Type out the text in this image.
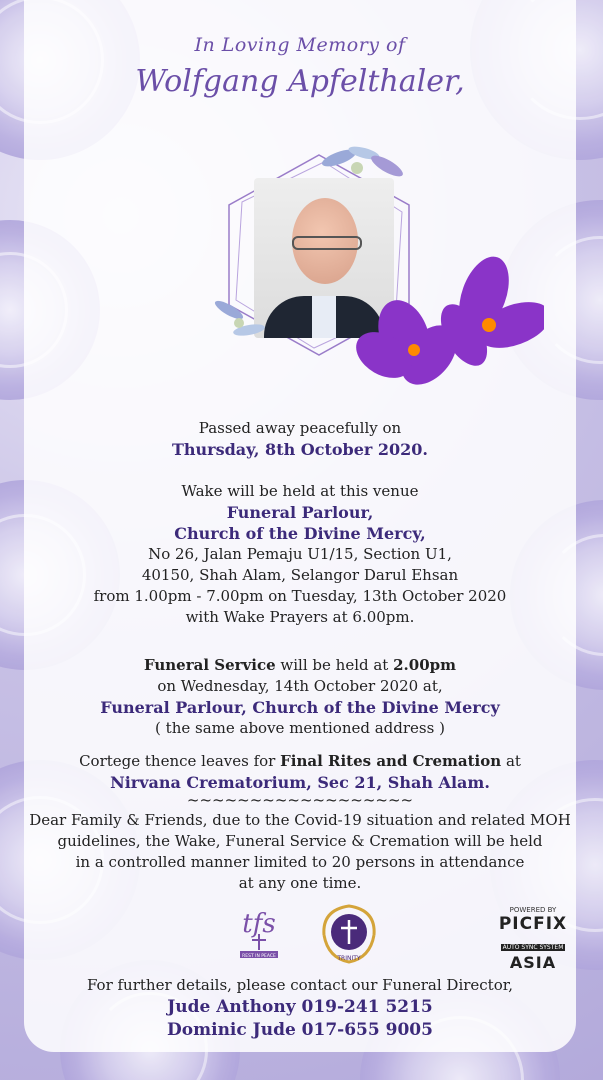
In Loving Memory of
Wolfgang Apfelthaler,
Passed away peacefully on
Thursday, 8th October 2020.
Wake will be held at this venue
Funeral Parlour,
Church of the Divine Mercy,
No 26, Jalan Pemaju U1/15, Section U1,
40150, Shah Alam, Selangor Darul Ehsan
from 1.00pm - 7.00pm on Tuesday, 13th October 2020
with Wake Prayers at 6.00pm.
Funeral Service will be held at 2.00pm
on Wednesday, 14th October 2020 at,
Funeral Parlour, Church of the Divine Mercy
( the same above mentioned address )
Cortege thence leaves for Final Rites and Cremation at
Nirvana Crematorium, Sec 21, Shah Alam.
~~~~~~~~~~~~~~~~~~
Dear Family & Friends, due to the Covid-19 situation and related MOH
guidelines, the Wake, Funeral Service & Cremation will be held
in a controlled manner limited to 20 persons in attendance
at any one time.
tfs
REST IN PEACE	TRINITY
POWERED BY
PICFIX
AUTO SYNC SYSTEM
ASIA
For further details, please contact our Funeral Director,
Jude Anthony 019-241 5215
Dominic Jude 017-655 9005
